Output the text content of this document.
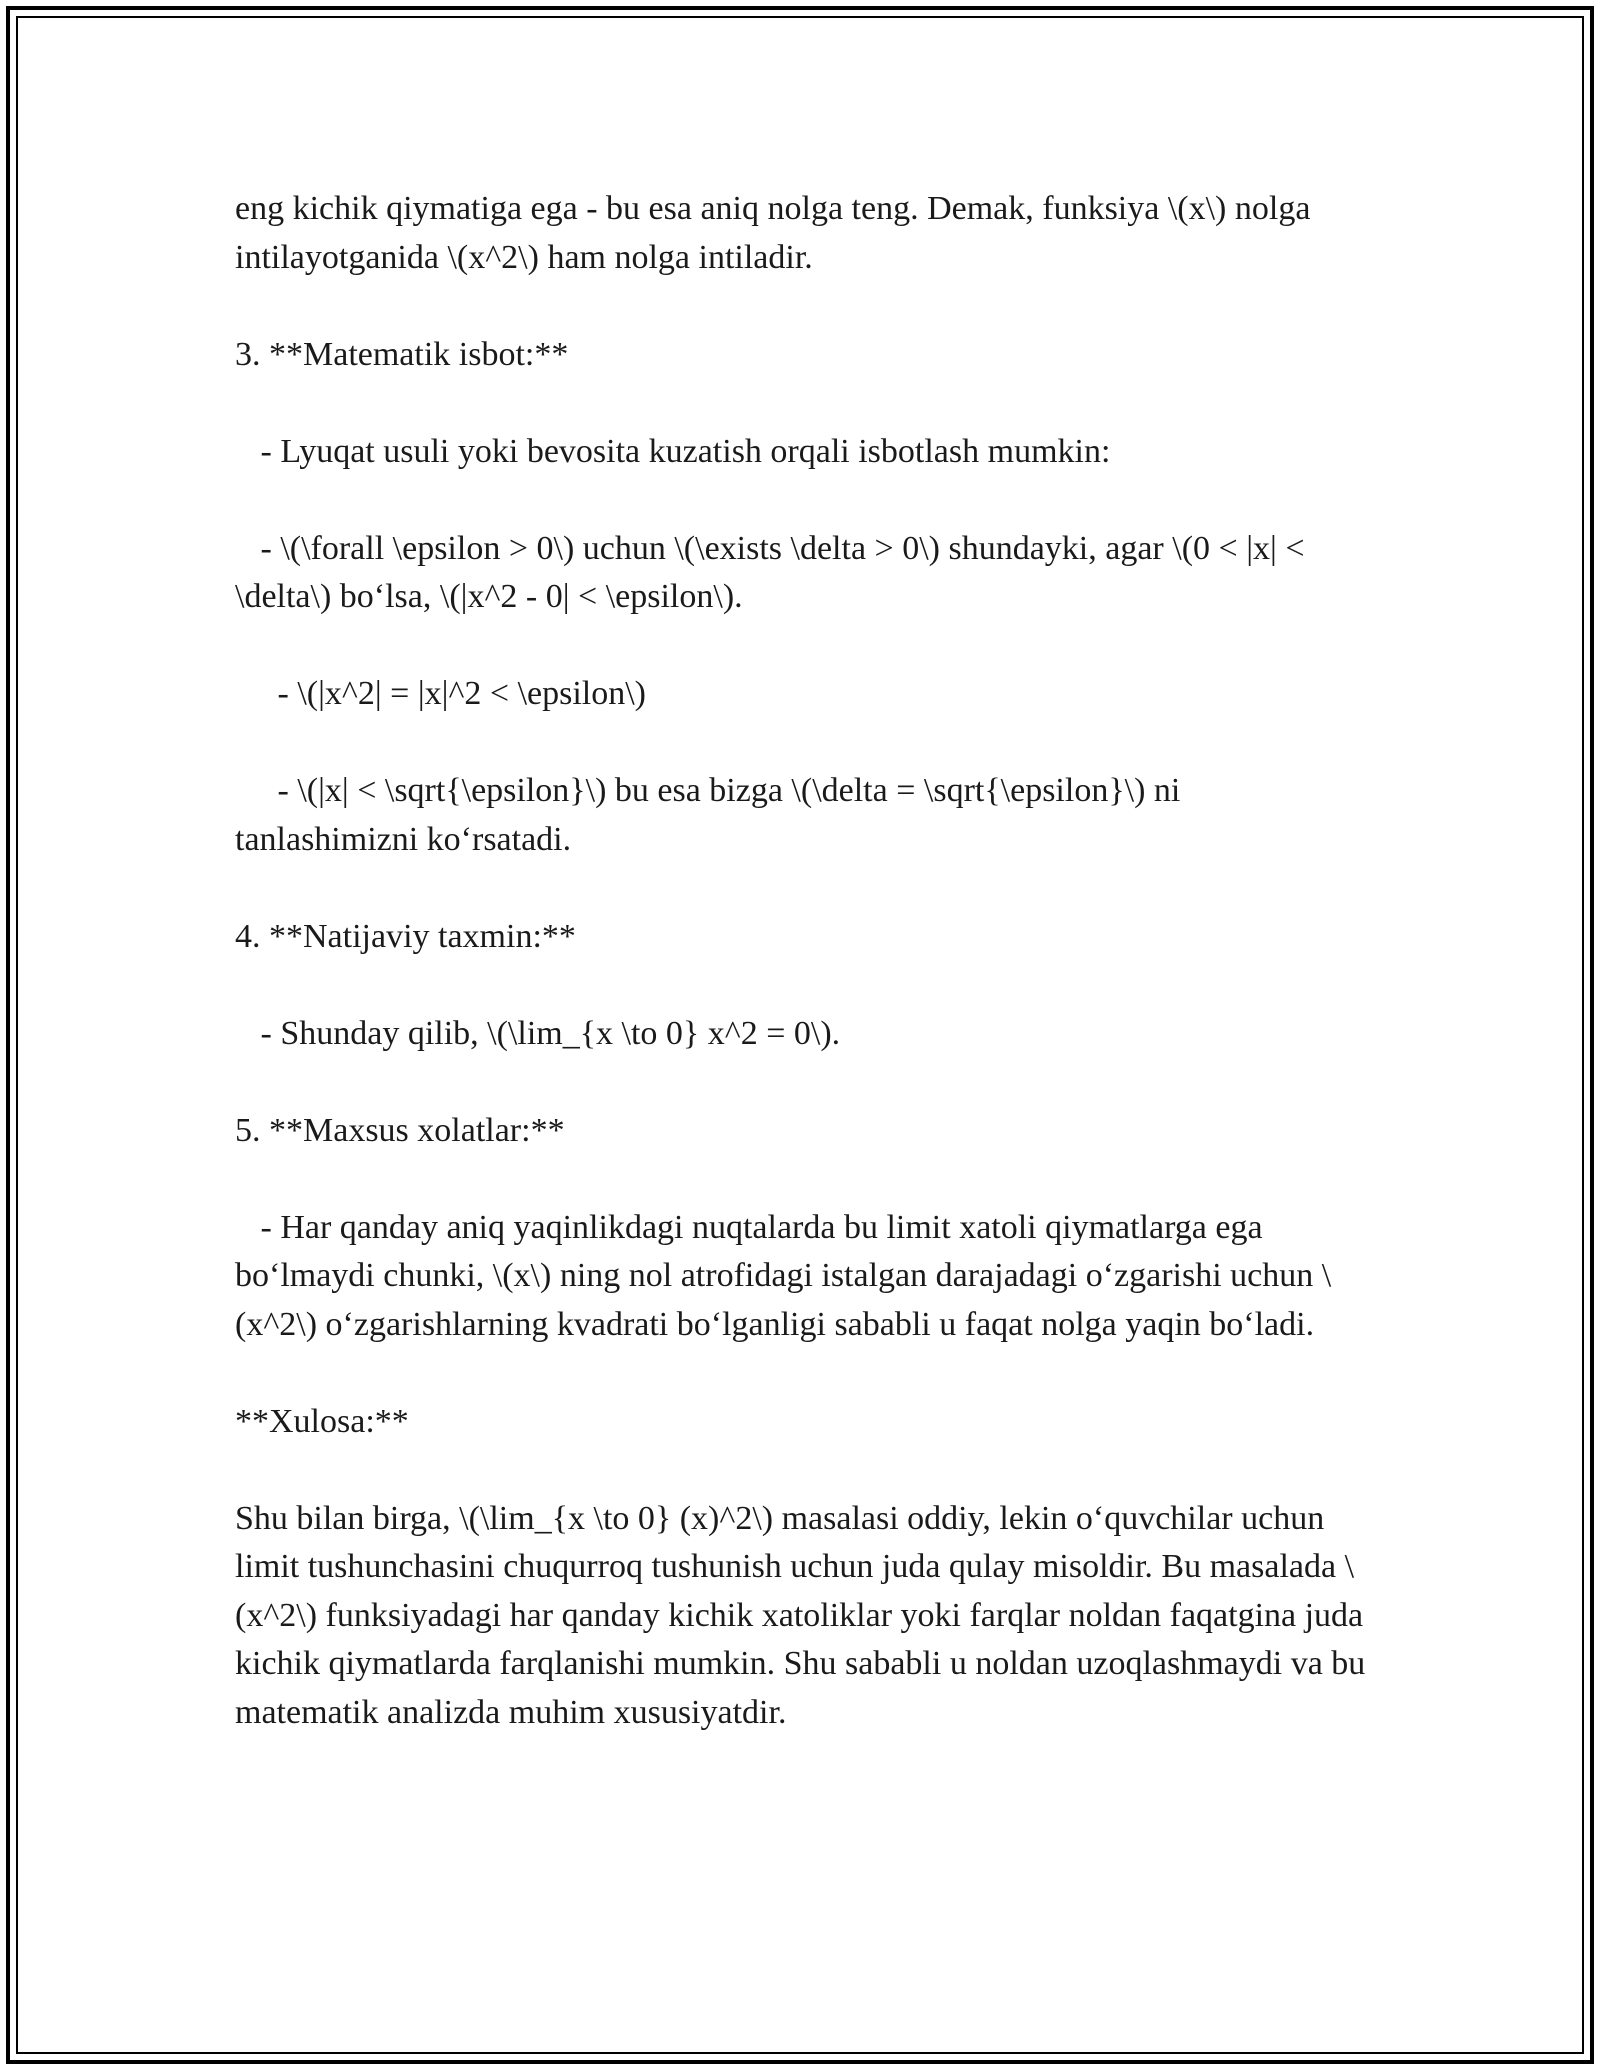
eng kichik qiymatiga ega - bu esa aniq nolga teng. Demak, funksiya \(x\) nolga intilayotganida \(x^2\) ham nolga intiladir.

3. **Matematik isbot:**

- Lyuqat usuli yoki bevosita kuzatish orqali isbotlash mumkin:

- \(\forall \epsilon > 0\) uchun \(\exists \delta > 0\) shundayki, agar \(0 < |x| < \delta\) bo‘lsa, \(|x^2 - 0| < \epsilon\).

- \(|x^2| = |x|^2 < \epsilon\)

- \(|x| < \sqrt{\epsilon}\) bu esa bizga \(\delta = \sqrt{\epsilon}\) ni tanlashimizni ko‘rsatadi.

4. **Natijaviy taxmin:**

- Shunday qilib, \(\lim_{x \to 0} x^2 = 0\).

5. **Maxsus xolatlar:**

- Har qanday aniq yaqinlikdagi nuqtalarda bu limit xatoli qiymatlarga ega bo‘lmaydi chunki, \(x\) ning nol atrofidagi istalgan darajadagi o‘zgarishi uchun \(x^2\) o‘zgarishlarning kvadrati bo‘lganligi sababli u faqat nolga yaqin bo‘ladi.

**Xulosa:**

Shu bilan birga, \(\lim_{x \to 0} (x)^2\) masalasi oddiy, lekin o‘quvchilar uchun limit tushunchasini chuqurroq tushunish uchun juda qulay misoldir. Bu masalada \(x^2\) funksiyadagi har qanday kichik xatoliklar yoki farqlar noldan faqatgina juda kichik qiymatlarda farqlanishi mumkin. Shu sababli u noldan uzoqlashmaydi va bu matematik analizda muhim xususiyatdir.
